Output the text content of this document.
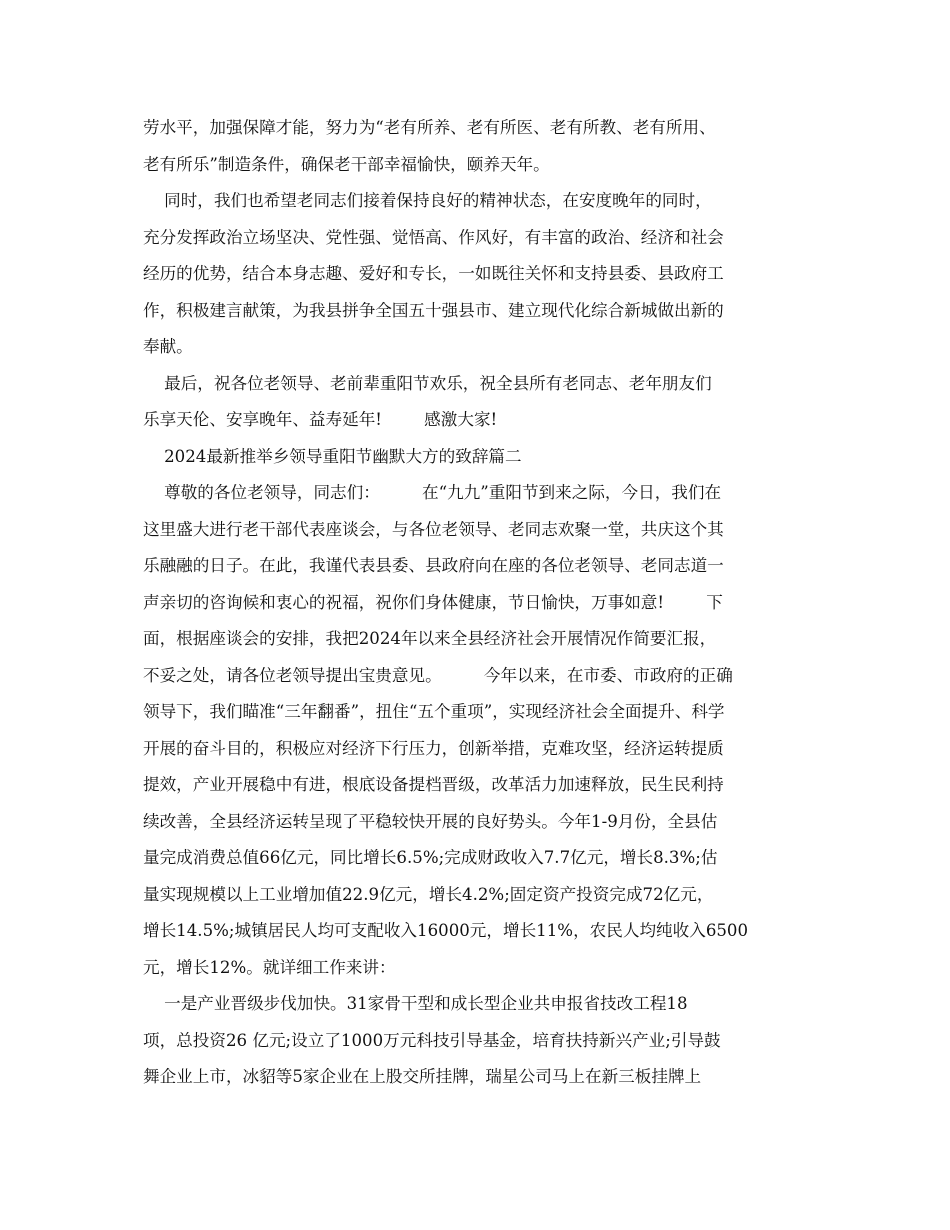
劳水平，加强保障才能，努力为“老有所养、老有所医、老有所教、老有所用、
老有所乐”制造条件，确保老干部幸福愉快，颐养天年。
同时，我们也希望老同志们接着保持良好的精神状态，在安度晚年的同时，
充分发挥政治立场坚决、党性强、觉悟高、作风好，有丰富的政治、经济和社会
经历的优势，结合本身志趣、爱好和专长，一如既往关怀和支持县委、县政府工
作，积极建言献策，为我县拼争全国五十强县市、建立现代化综合新城做出新的
奉献。
最后，祝各位老领导、老前辈重阳节欢乐，祝全县所有老同志、老年朋友们
乐享天伦、安享晚年、益寿延年!        感激大家!
2024最新推举乡领导重阳节幽默大方的致辞篇二
尊敬的各位老领导，同志们：        在“九九”重阳节到来之际，今日，我们在
这里盛大进行老干部代表座谈会，与各位老领导、老同志欢聚一堂，共庆这个其
乐融融的日子。在此，我谨代表县委、县政府向在座的各位老领导、老同志道一
声亲切的咨询候和衷心的祝福，祝你们身体健康，节日愉快，万事如意!        下
面，根据座谈会的安排，我把2024年以来全县经济社会开展情况作简要汇报，
不妥之处，请各位老领导提出宝贵意见。        今年以来，在市委、市政府的正确
领导下，我们瞄准“三年翻番”，扭住“五个重项”，实现经济社会全面提升、科学
开展的奋斗目的，积极应对经济下行压力，创新举措，克难攻坚，经济运转提质
提效，产业开展稳中有进，根底设备提档晋级，改革活力加速释放，民生民利持
续改善，全县经济运转呈现了平稳较快开展的良好势头。今年1-9月份，全县估
量完成消费总值66亿元，同比增长6.5%;完成财政收入7.7亿元，增长8.3%;估
量实现规模以上工业增加值22.9亿元，增长4.2%;固定资产投资完成72亿元，
增长14.5%;城镇居民人均可支配收入16000元，增长11%，农民人均纯收入6500
元，增长12%。就详细工作来讲：
一是产业晋级步伐加快。31家骨干型和成长型企业共申报省技改工程18
项，总投资26 亿元;设立了1000万元科技引导基金，培育扶持新兴产业;引导鼓
舞企业上市，冰貂等5家企业在上股交所挂牌，瑞星公司马上在新三板挂牌上
